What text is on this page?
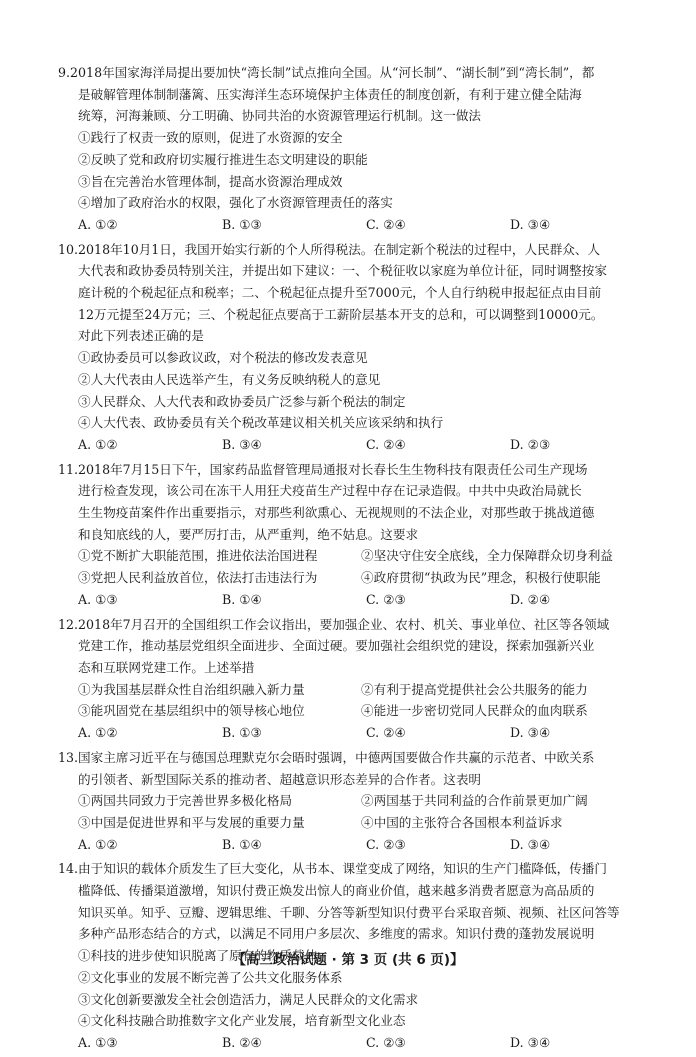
9.2018年国家海洋局提出要加快“湾长制”试点推向全国。从“河长制”、“湖长制”到“湾长制”，都
是破解管理体制制藩篱、压实海洋生态环境保护主体责任的制度创新，有利于建立健全陆海
统筹，河海兼顾、分工明确、协同共治的水资源管理运行机制。这一做法
①践行了权责一致的原则，促进了水资源的安全
②反映了党和政府切实履行推进生态文明建设的职能
③旨在完善治水管理体制，提高水资源治理成效
④增加了政府治水的权限，强化了水资源管理责任的落实
A. ①②	B. ①③	C. ②④	D. ③④
10.2018年10月1日，我国开始实行新的个人所得税法。在制定新个税法的过程中，人民群众、人
大代表和政协委员特别关注，并提出如下建议：一、个税征收以家庭为单位计征，同时调整按家
庭计税的个税起征点和税率；二、个税起征点提升至7000元，个人自行纳税申报起征点由目前
12万元提至24万元；三、个税起征点要高于工薪阶层基本开支的总和，可以调整到10000元。
对此下列表述正确的是
①政协委员可以参政议政，对个税法的修改发表意见
②人大代表由人民选举产生，有义务反映纳税人的意见
③人民群众、人大代表和政协委员广泛参与新个税法的制定
④人大代表、政协委员有关个税改革建议相关机关应该采纳和执行
A. ①②	B. ③④	C. ②④	D. ②③
11.2018年7月15日下午，国家药品监督管理局通报对长春长生生物科技有限责任公司生产现场
进行检查发现，该公司在冻干人用狂犬疫苗生产过程中存在记录造假。中共中央政治局就长
生生物疫苗案件作出重要指示，对那些利欲熏心、无视规则的不法企业，对那些敢于挑战道德
和良知底线的人，要严厉打击，从严重判，绝不姑息。这要求
①党不断扩大职能范围，推进依法治国进程	②坚决守住安全底线，全力保障群众切身利益
③党把人民利益放首位，依法打击违法行为	④政府贯彻“执政为民”理念，积极行使职能
A. ①③	B. ①④	C. ②③	D. ②④
12.2018年7月召开的全国组织工作会议指出，要加强企业、农村、机关、事业单位、社区等各领域
党建工作，推动基层党组织全面进步、全面过硬。要加强社会组织党的建设，探索加强新兴业
态和互联网党建工作。上述举措
①为我国基层群众性自治组织融入新力量	②有利于提高党提供社会公共服务的能力
③能巩固党在基层组织中的领导核心地位	④能进一步密切党同人民群众的血肉联系
A. ①②	B. ①③	C. ②④	D. ③④
13.国家主席习近平在与德国总理默克尔会晤时强调，中德两国要做合作共赢的示范者、中欧关系
的引领者、新型国际关系的推动者、超越意识形态差异的合作者。这表明
①两国共同致力于完善世界多极化格局	②两国基于共同利益的合作前景更加广阔
③中国是促进世界和平与发展的重要力量	④中国的主张符合各国根本利益诉求
A. ①②	B. ①④	C. ②③	D. ③④
14.由于知识的载体介质发生了巨大变化，从书本、课堂变成了网络，知识的生产门槛降低，传播门
槛降低、传播渠道激增，知识付费正焕发出惊人的商业价值，越来越多消费者愿意为高品质的
知识买单。知乎、豆瓣、逻辑思维、千聊、分答等新型知识付费平台采取音频、视频、社区问答等
多种产品形态结合的方式，以满足不同用户多层次、多维度的需求。知识付费的蓬勃发展说明
①科技的进步使知识脱离了原有的物质载体
②文化事业的发展不断完善了公共文化服务体系
③文化创新要激发全社会创造活力，满足人民群众的文化需求
④文化科技融合助推数字文化产业发展，培育新型文化业态
A. ①③	B. ②④	C. ②③	D. ③④
【高三政治试题 · 第 3 页 (共 6 页)】
